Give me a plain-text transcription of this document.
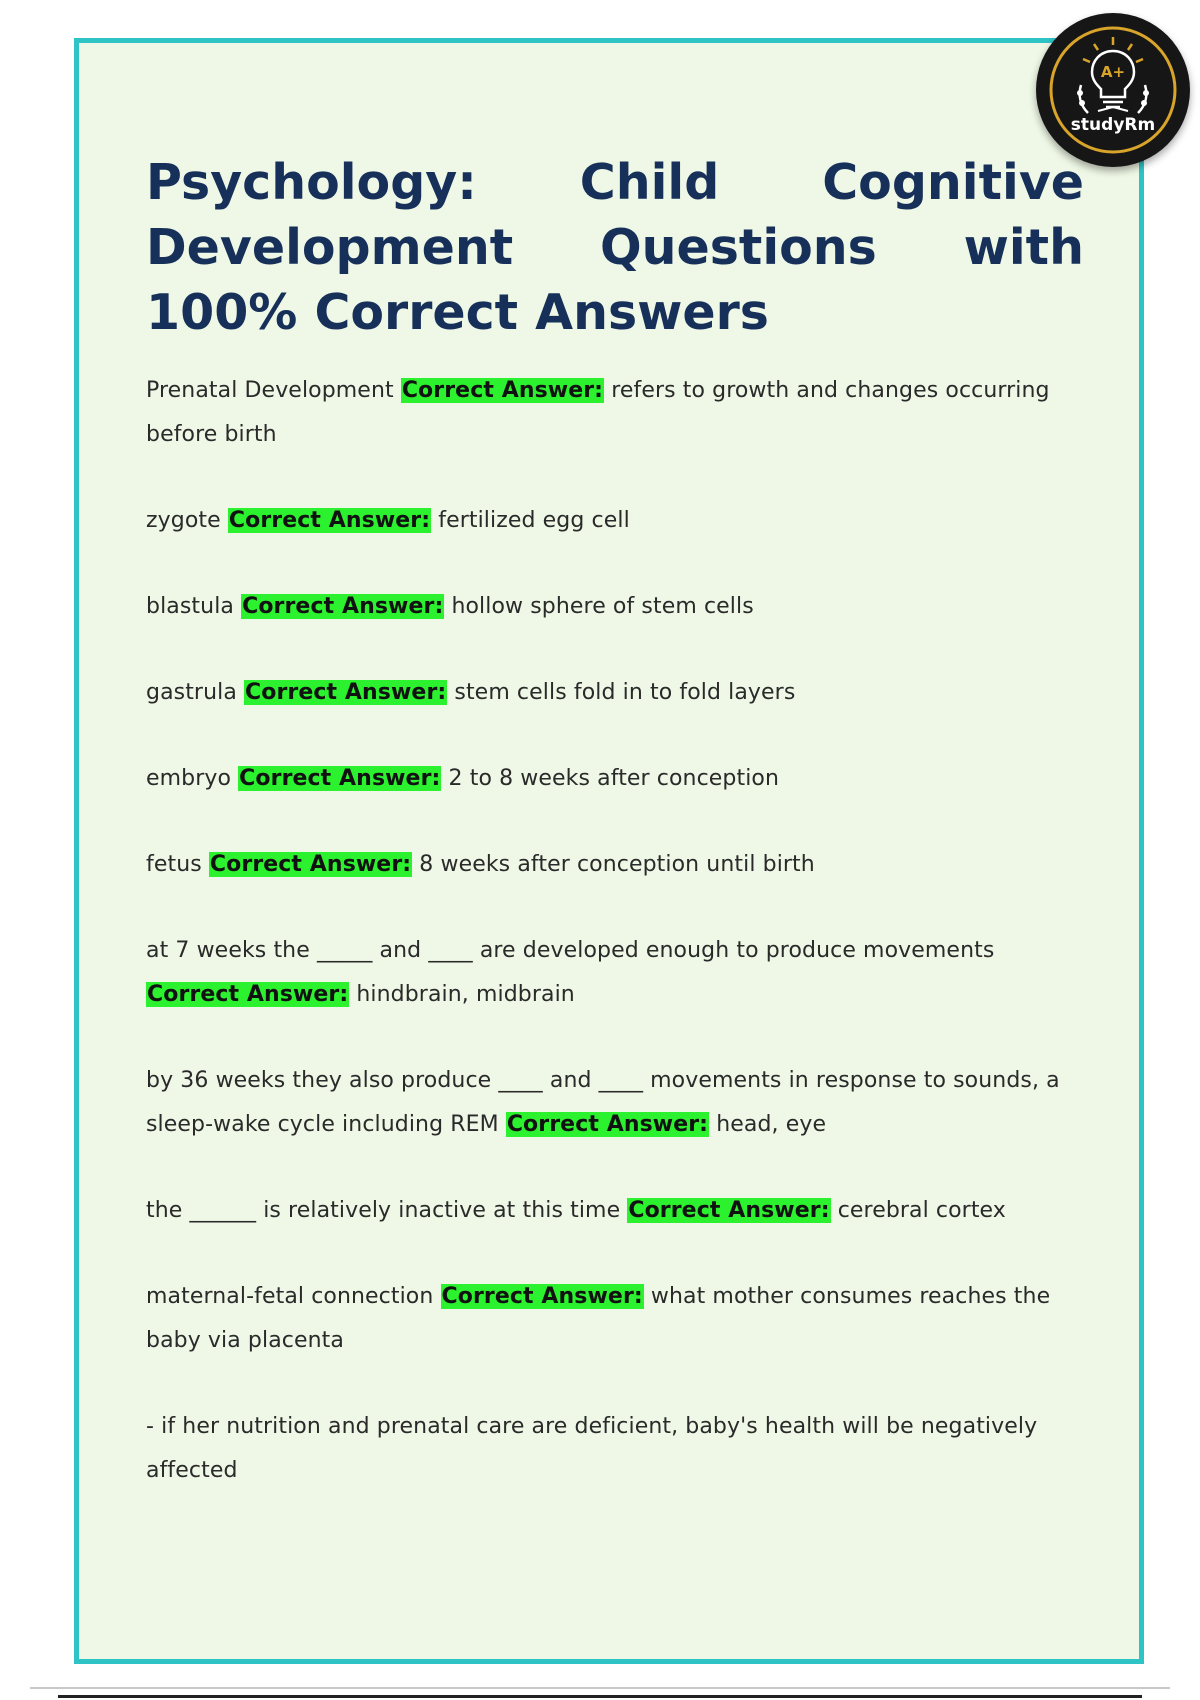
A+
studyRm
Psychology: Child Cognitive Development Questions with 100% Correct Answers

Prenatal Development Correct Answer: refers to growth and changes occurring before birth

zygote Correct Answer: fertilized egg cell

blastula Correct Answer: hollow sphere of stem cells

gastrula Correct Answer: stem cells fold in to fold layers

embryo Correct Answer: 2 to 8 weeks after conception

fetus Correct Answer: 8 weeks after conception until birth

at 7 weeks the _____ and ____ are developed enough to produce movements Correct Answer: hindbrain, midbrain

by 36 weeks they also produce ____ and ____ movements in response to sounds, a sleep-wake cycle including REM Correct Answer: head, eye

the ______ is relatively inactive at this time Correct Answer: cerebral cortex

maternal-fetal connection Correct Answer: what mother consumes reaches the baby via placenta

- if her nutrition and prenatal care are deficient, baby's health will be negatively affected
